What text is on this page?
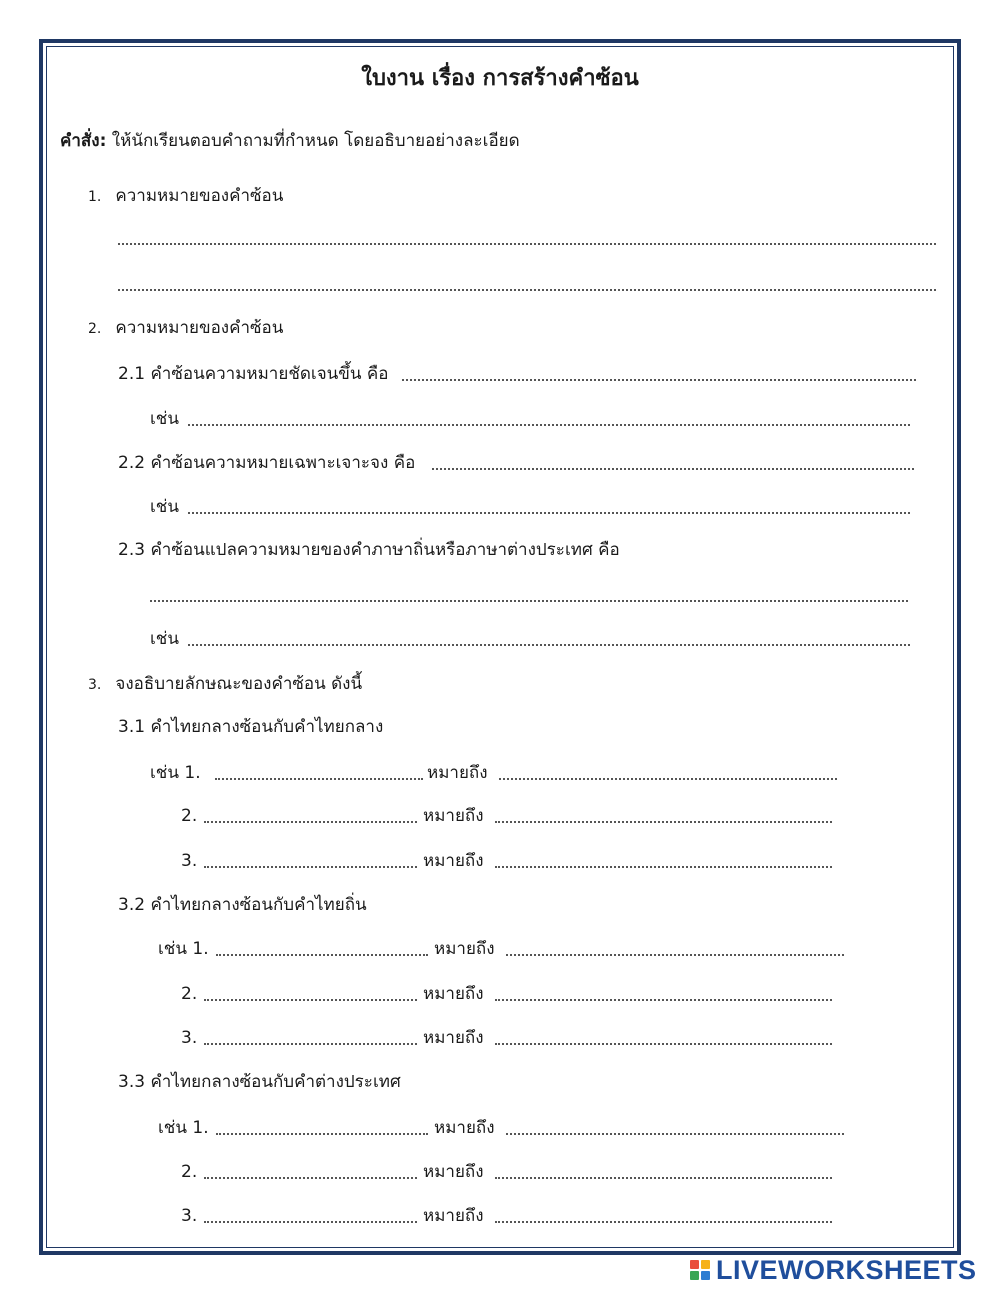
ใบงาน เรื่อง การสร้างคำซ้อน
คำสั่ง: ให้นักเรียนตอบคำถามที่กำหนด โดยอธิบายอย่างละเอียด
1. ความหมายของคำซ้อน
2. ความหมายของคำซ้อน
2.1 คำซ้อนความหมายชัดเจนขึ้น คือ
เช่น
2.2 คำซ้อนความหมายเฉพาะเจาะจง คือ
เช่น
2.3 คำซ้อนแปลความหมายของคำภาษาถิ่นหรือภาษาต่างประเทศ คือ
เช่น
3. จงอธิบายลักษณะของคำซ้อน ดังนี้
3.1 คำไทยกลางซ้อนกับคำไทยกลาง
เช่น 1.	หมายถึง
2.	หมายถึง
3.	หมายถึง
3.2 คำไทยกลางซ้อนกับคำไทยถิ่น
เช่น 1.	หมายถึง
2.	หมายถึง
3.	หมายถึง
3.3 คำไทยกลางซ้อนกับคำต่างประเทศ
เช่น 1.	หมายถึง
2.	หมายถึง
3.	หมายถึง
LIVEWORKSHEETS
